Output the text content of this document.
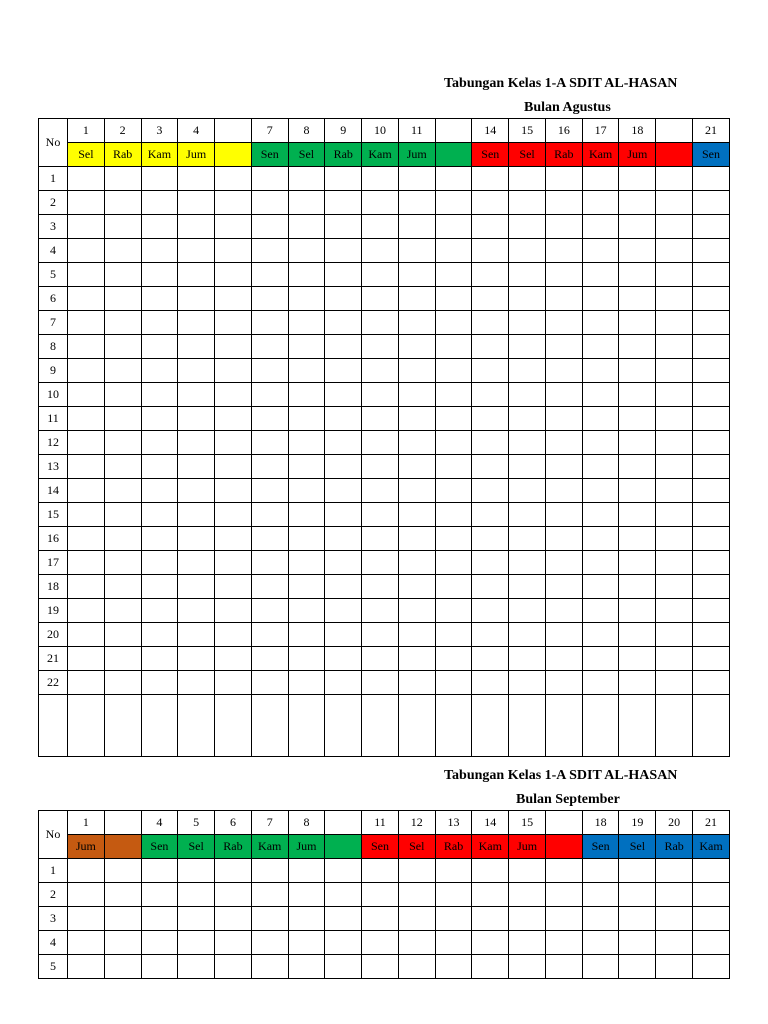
Tabungan Kelas 1-A SDIT AL-HASAN
Bulan Agustus
No	1	2	3	4		7	8	9	10	11		14	15	16	17	18		21
	Sel	Rab	Kam	Jum		Sen	Sel	Rab	Kam	Jum		Sen	Sel	Rab	Kam	Jum		Sen
1																		
2																		
3																		
4																		
5																		
6																		
7																		
8																		
9																		
10																		
11																		
12																		
13																		
14																		
15																		
16																		
17																		
18																		
19																		
20																		
21																		
22																		

Tabungan Kelas 1-A SDIT AL-HASAN
Bulan September
No	1		4	5	6	7	8		11	12	13	14	15		18	19	20	21
	Jum		Sen	Sel	Rab	Kam	Jum		Sen	Sel	Rab	Kam	Jum		Sen	Sel	Rab	Kam
1																		
2																		
3																		
4																		
5																		
